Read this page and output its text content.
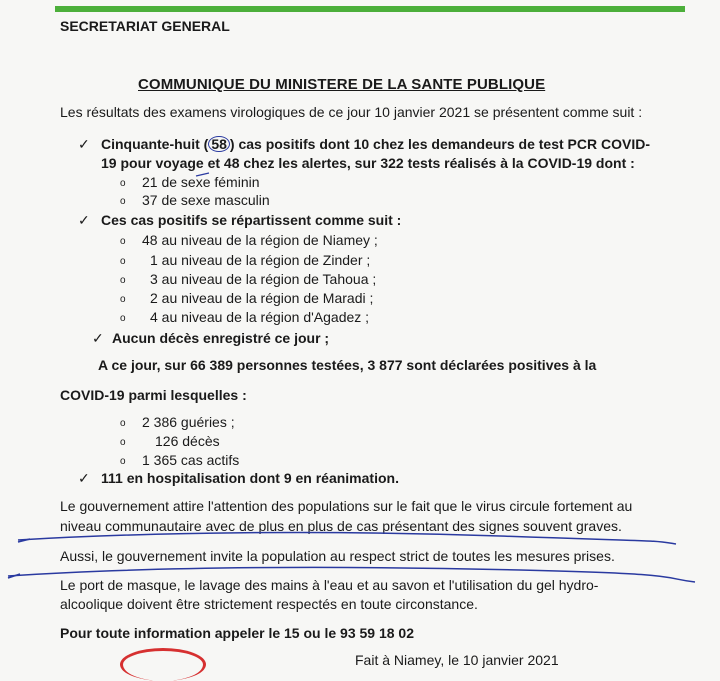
SECRETARIAT GENERAL
COMMUNIQUE DU MINISTERE DE LA SANTE PUBLIQUE
Les résultats des examens virologiques de ce jour 10 janvier 2021 se présentent comme suit :
✓ Cinquante-huit ( 58 ) cas positifs dont 10 chez les demandeurs de test PCR COVID-
19 pour voyage et 48 chez les alertes, sur 322 tests réalisés à la COVID-19 dont :
o 21 de sexe féminin
o 37 de sexe masculin
✓ Ces cas positifs se répartissent comme suit :
o 48 au niveau de la région de Niamey ;
o 1 au niveau de la région de Zinder ;
o 3 au niveau de la région de Tahoua ;
o 2 au niveau de la région de Maradi ;
o 4 au niveau de la région d'Agadez ;
✓ Aucun décès enregistré ce jour ;
A ce jour, sur 66 389 personnes testées, 3 877 sont déclarées positives à la
COVID-19 parmi lesquelles :
o 2 386 guéries ;
o 126 décès
o 1 365 cas actifs
✓ 111 en hospitalisation dont 9 en réanimation.
Le gouvernement attire l'attention des populations sur le fait que le virus circule fortement au
niveau communautaire avec de plus en plus de cas présentant des signes souvent graves.
Aussi, le gouvernement invite la population au respect strict de toutes les mesures prises.
Le port de masque, le lavage des mains à l'eau et au savon et l'utilisation du gel hydro-
alcoolique doivent être strictement respectés en toute circonstance.
Pour toute information appeler le 15 ou le 93 59 18 02
Fait à Niamey, le 10 janvier 2021
